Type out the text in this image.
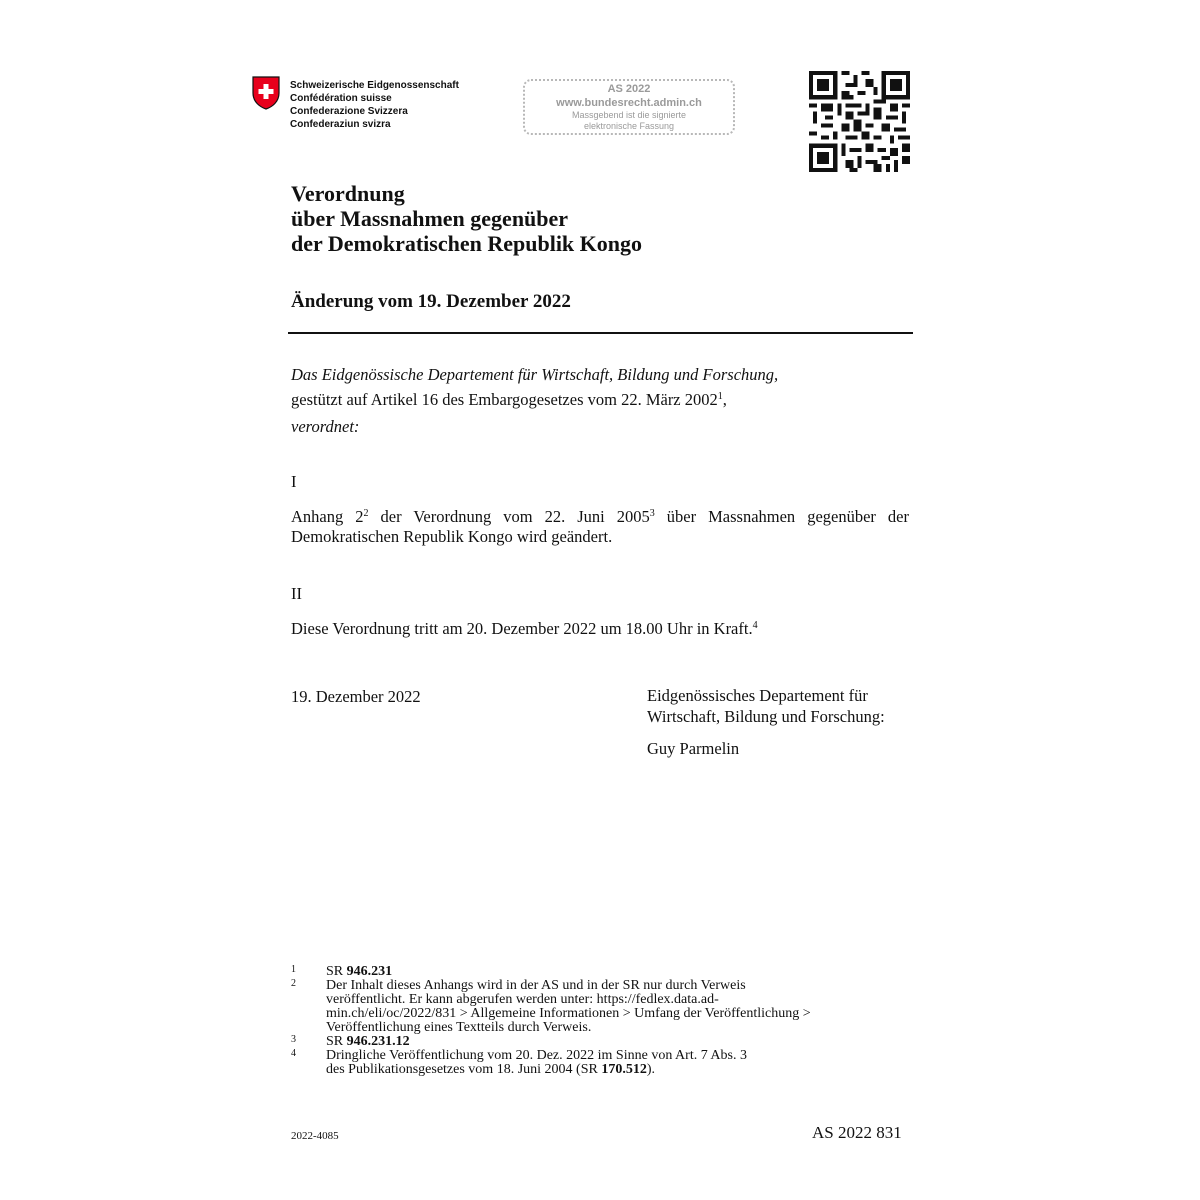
Schweizerische Eidgenossenschaft
Confédération suisse
Confederazione Svizzera
Confederaziun svizra
AS 2022
www.bundesrecht.admin.ch
Massgebend ist die signierte
elektronische Fassung
Verordnung
über Massnahmen gegenüber
der Demokratischen Republik Kongo
Änderung vom 19. Dezember 2022
Das Eidgenössische Departement für Wirtschaft, Bildung und Forschung,
gestützt auf Artikel 16 des Embargogesetzes vom 22. März 2002$^1$,
verordnet:
I
Anhang $2^2$ der Verordnung vom 22. Juni 2005$^3$ über Massnahmen gegenüber der Demokratischen Republik Kongo wird geändert.
II
Diese Verordnung tritt am 20. Dezember 2022 um 18.00 Uhr in Kraft.$^4$
19. Dezember 2022	Eidgenössisches Departement für
Wirtschaft, Bildung und Forschung:
Guy Parmelin
1 SR 946.231
2 Der Inhalt dieses Anhangs wird in der AS und in der SR nur durch Verweis
veröffentlicht. Er kann abgerufen werden unter: https://fedlex.data.ad-
min.ch/eli/oc/2022/831 > Allgemeine Informationen > Umfang der Veröffentlichung >
Veröffentlichung eines Textteils durch Verweis.
3 SR 946.231.12
4 Dringliche Veröffentlichung vom 20. Dez. 2022 im Sinne von Art. 7 Abs. 3
des Publikationsgesetzes vom 18. Juni 2004 (SR 170.512).
2022-4085	AS 2022 831
